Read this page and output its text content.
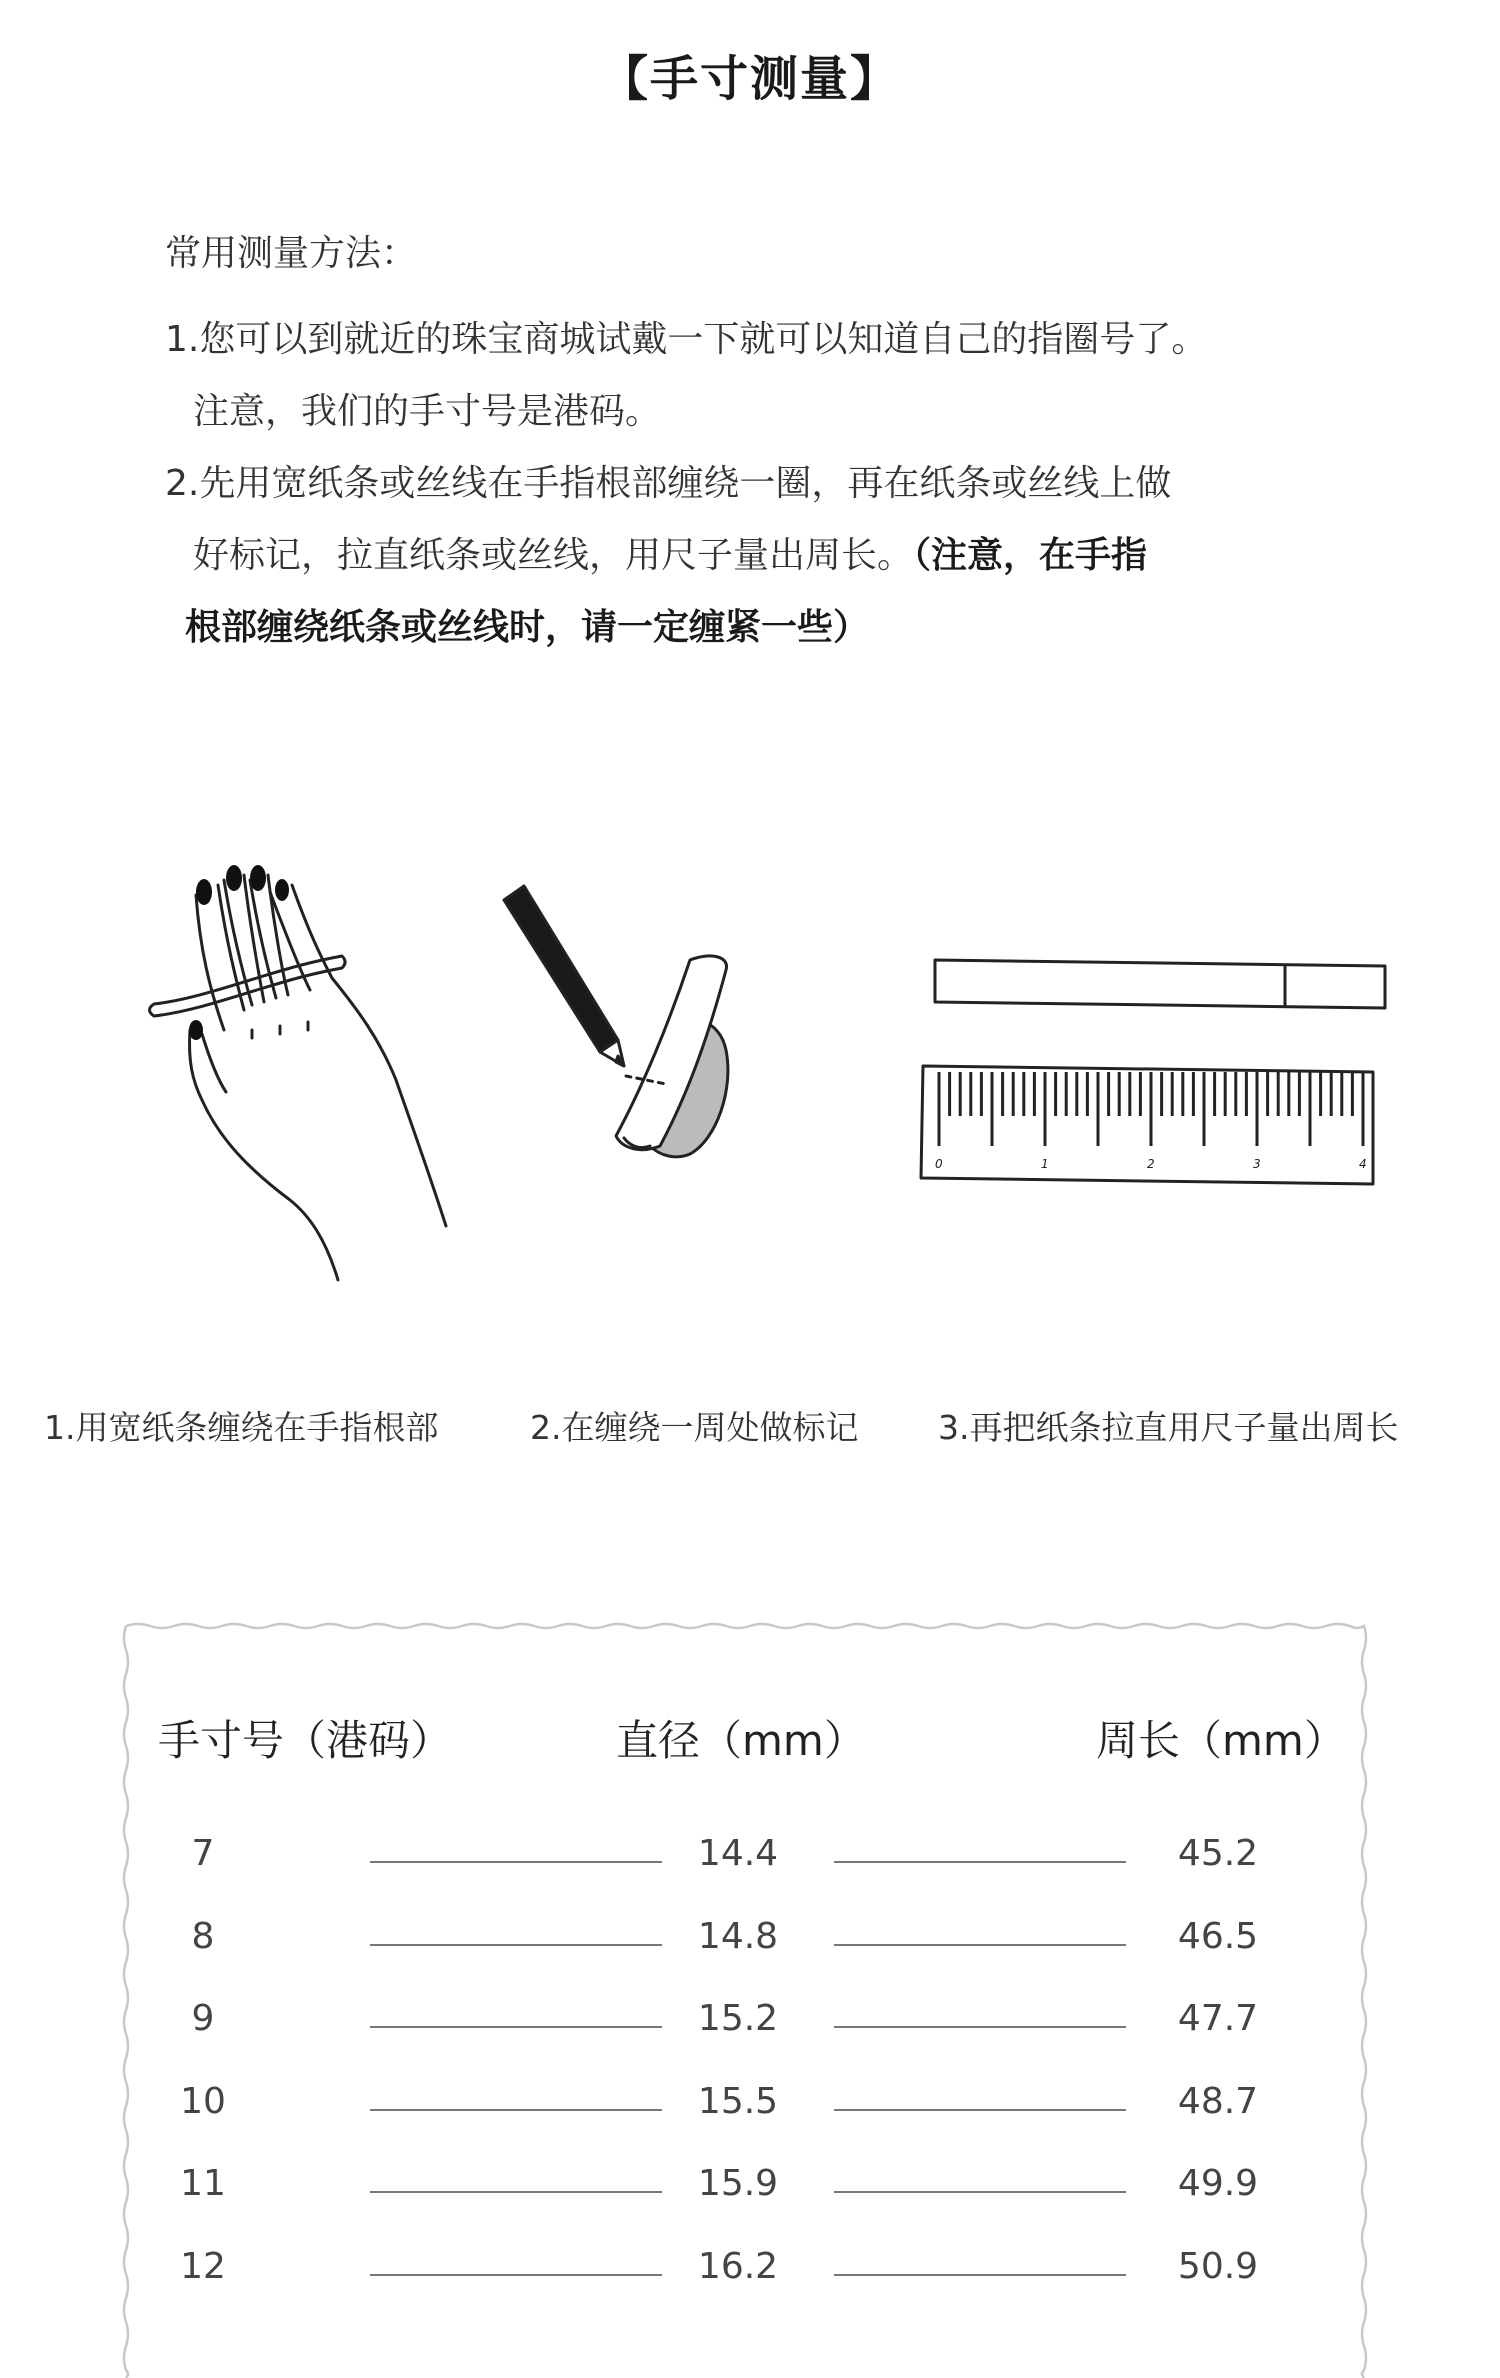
【手寸测量】
常用测量方法：
1.您可以到就近的珠宝商城试戴一下就可以知道自己的指圈号了。
注意，我们的手寸号是港码。
2.先用宽纸条或丝线在手指根部缠绕一圈，再在纸条或丝线上做
好标记，拉直纸条或丝线，用尺子量出周长。（注意，在手指
根部缠绕纸条或丝线时，请一定缠紧一些）
0	1	2	3	4
1.用宽纸条缠绕在手指根部	2.在缠绕一周处做标记 3.再把纸条拉直用尺子量出周长
手寸号（港码）	直径（mm）	周长（mm）
7	14.4	45.2
8	14.8	46.5
9	15.2	47.7
10	15.5	48.7
11	15.9	49.9
12	16.2	50.9
